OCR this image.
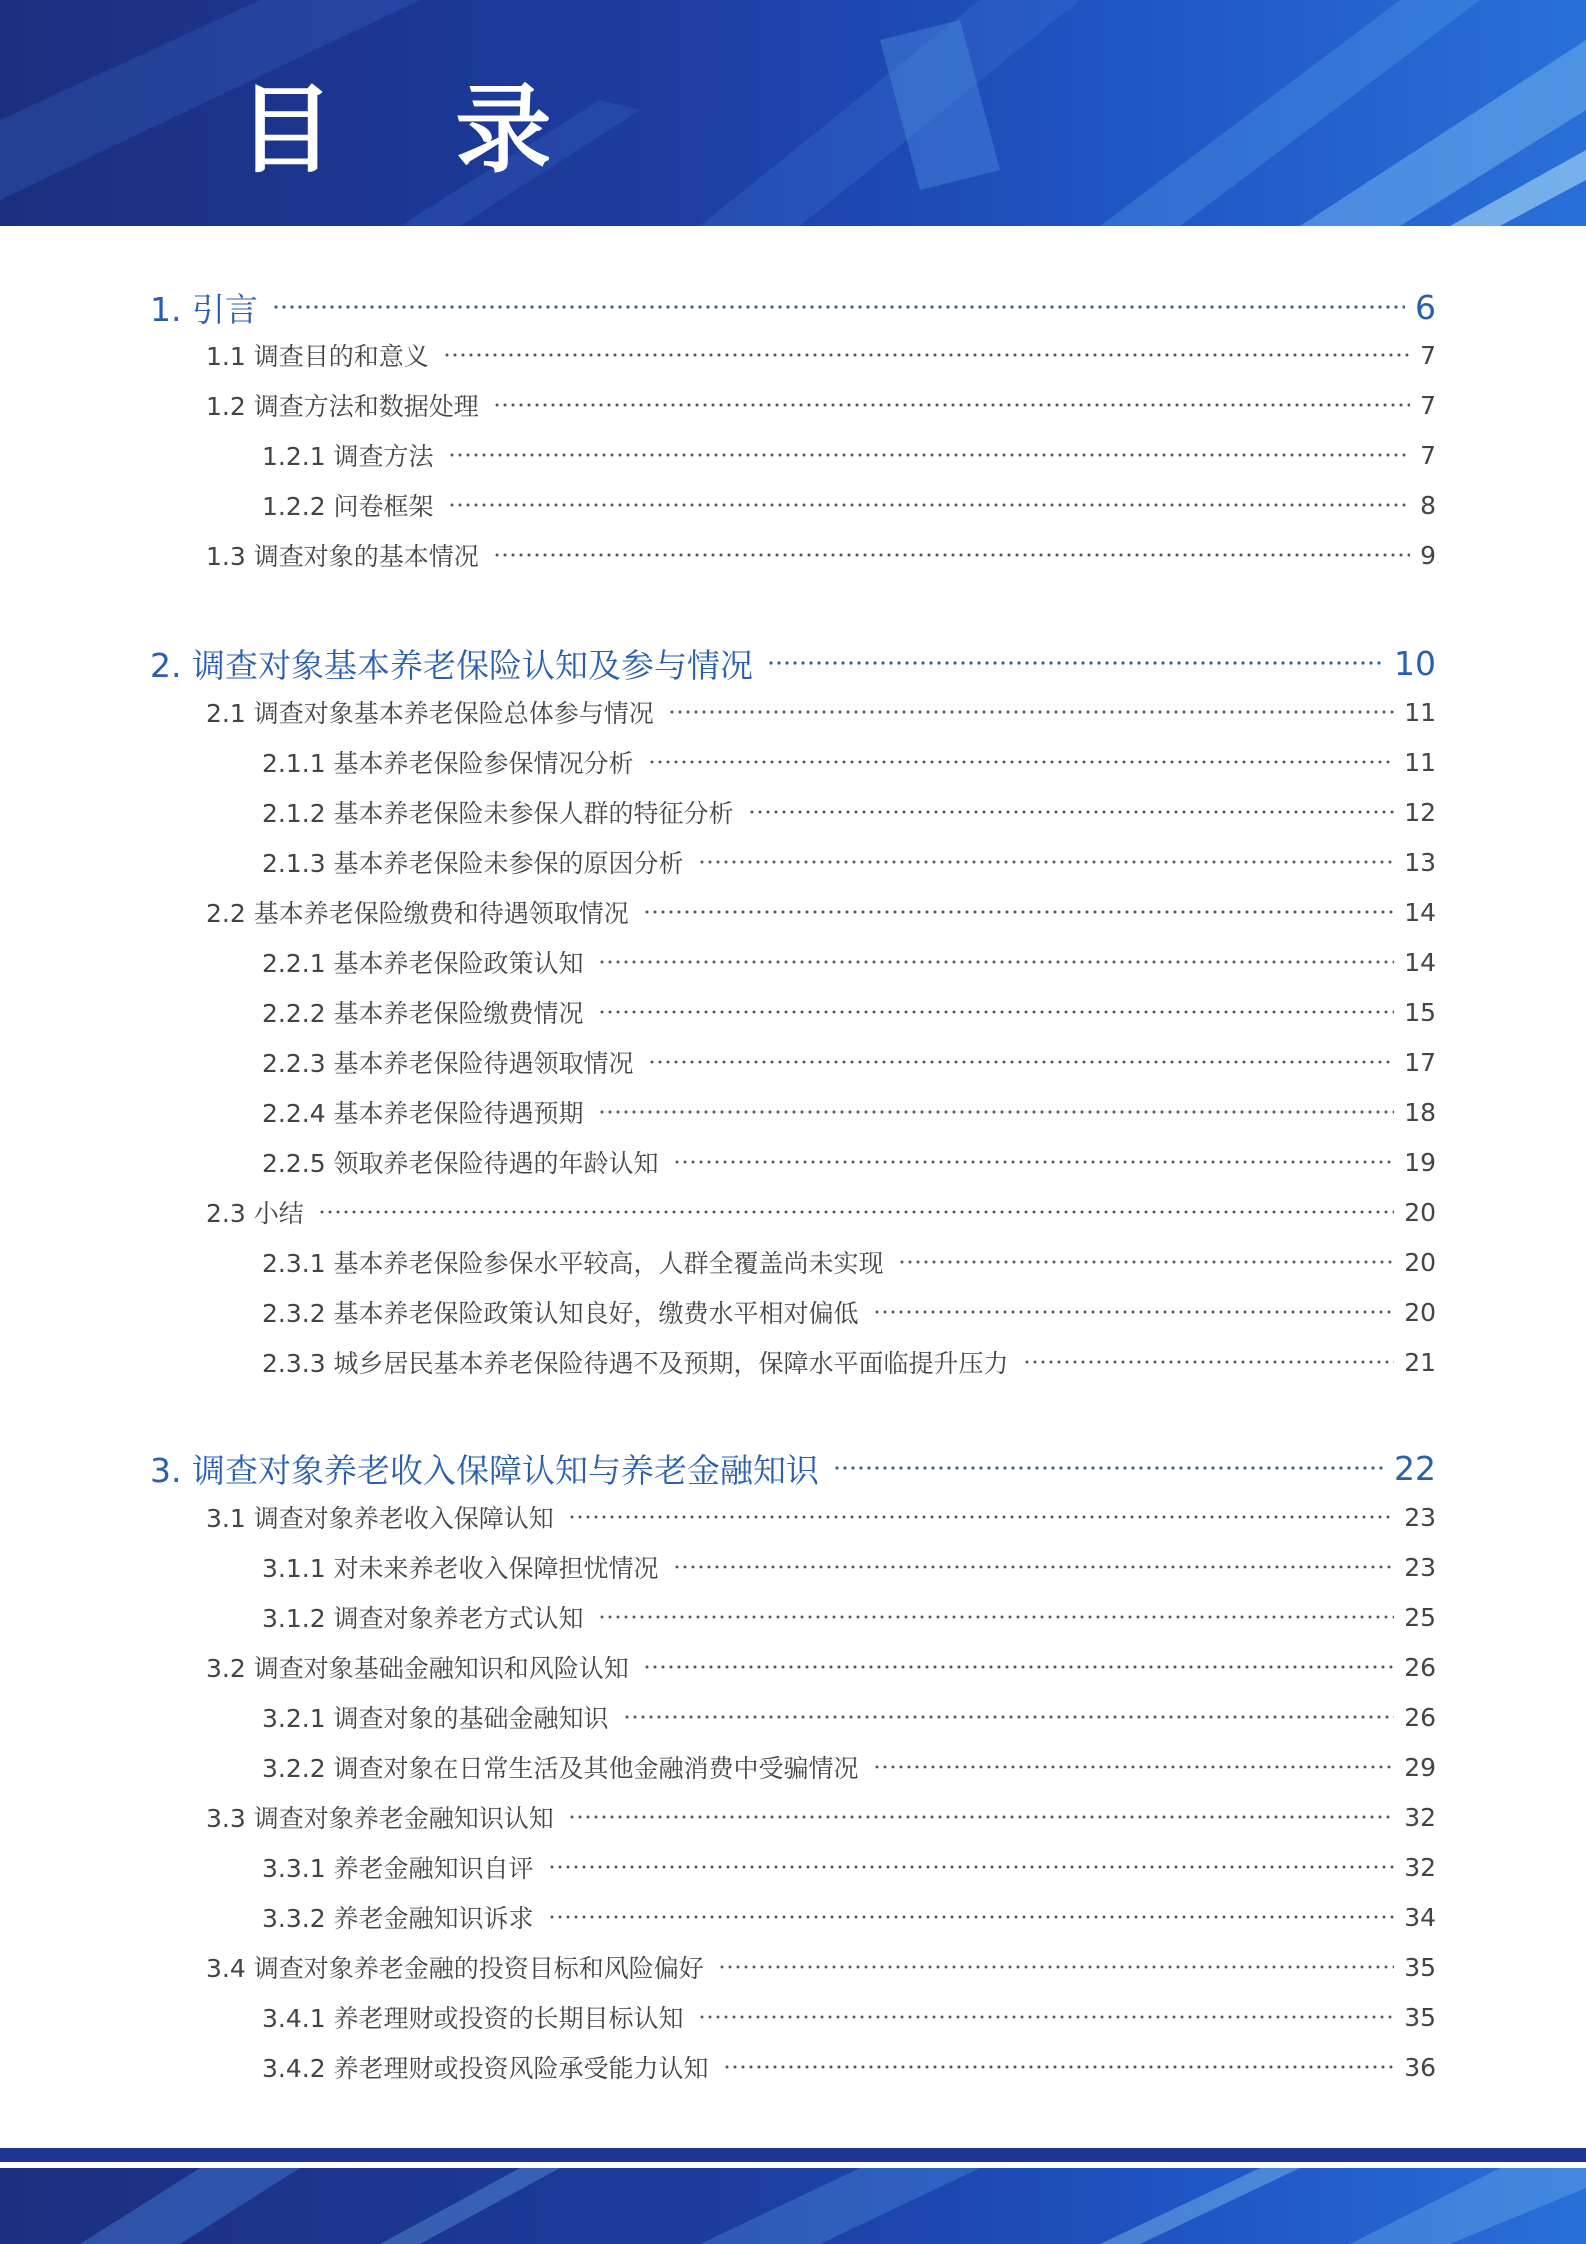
目 录
1. 引言	6
1.1 调查目的和意义	7
1.2 调查方法和数据处理	7
1.2.1 调查方法	7
1.2.2 问卷框架	8
1.3 调查对象的基本情况	9
2. 调查对象基本养老保险认知及参与情况	10
2.1 调查对象基本养老保险总体参与情况	11
2.1.1 基本养老保险参保情况分析	11
2.1.2 基本养老保险未参保人群的特征分析	12
2.1.3 基本养老保险未参保的原因分析	13
2.2 基本养老保险缴费和待遇领取情况	14
2.2.1 基本养老保险政策认知	14
2.2.2 基本养老保险缴费情况	15
2.2.3 基本养老保险待遇领取情况	17
2.2.4 基本养老保险待遇预期	18
2.2.5 领取养老保险待遇的年龄认知	19
2.3 小结	20
2.3.1 基本养老保险参保水平较高，人群全覆盖尚未实现	20
2.3.2 基本养老保险政策认知良好，缴费水平相对偏低	20
2.3.3 城乡居民基本养老保险待遇不及预期，保障水平面临提升压力	21
3. 调查对象养老收入保障认知与养老金融知识	22
3.1 调查对象养老收入保障认知	23
3.1.1 对未来养老收入保障担忧情况	23
3.1.2 调查对象养老方式认知	25
3.2 调查对象基础金融知识和风险认知	26
3.2.1 调查对象的基础金融知识	26
3.2.2 调查对象在日常生活及其他金融消费中受骗情况	29
3.3 调查对象养老金融知识认知	32
3.3.1 养老金融知识自评	32
3.3.2 养老金融知识诉求	34
3.4 调查对象养老金融的投资目标和风险偏好	35
3.4.1 养老理财或投资的长期目标认知	35
3.4.2 养老理财或投资风险承受能力认知	36
